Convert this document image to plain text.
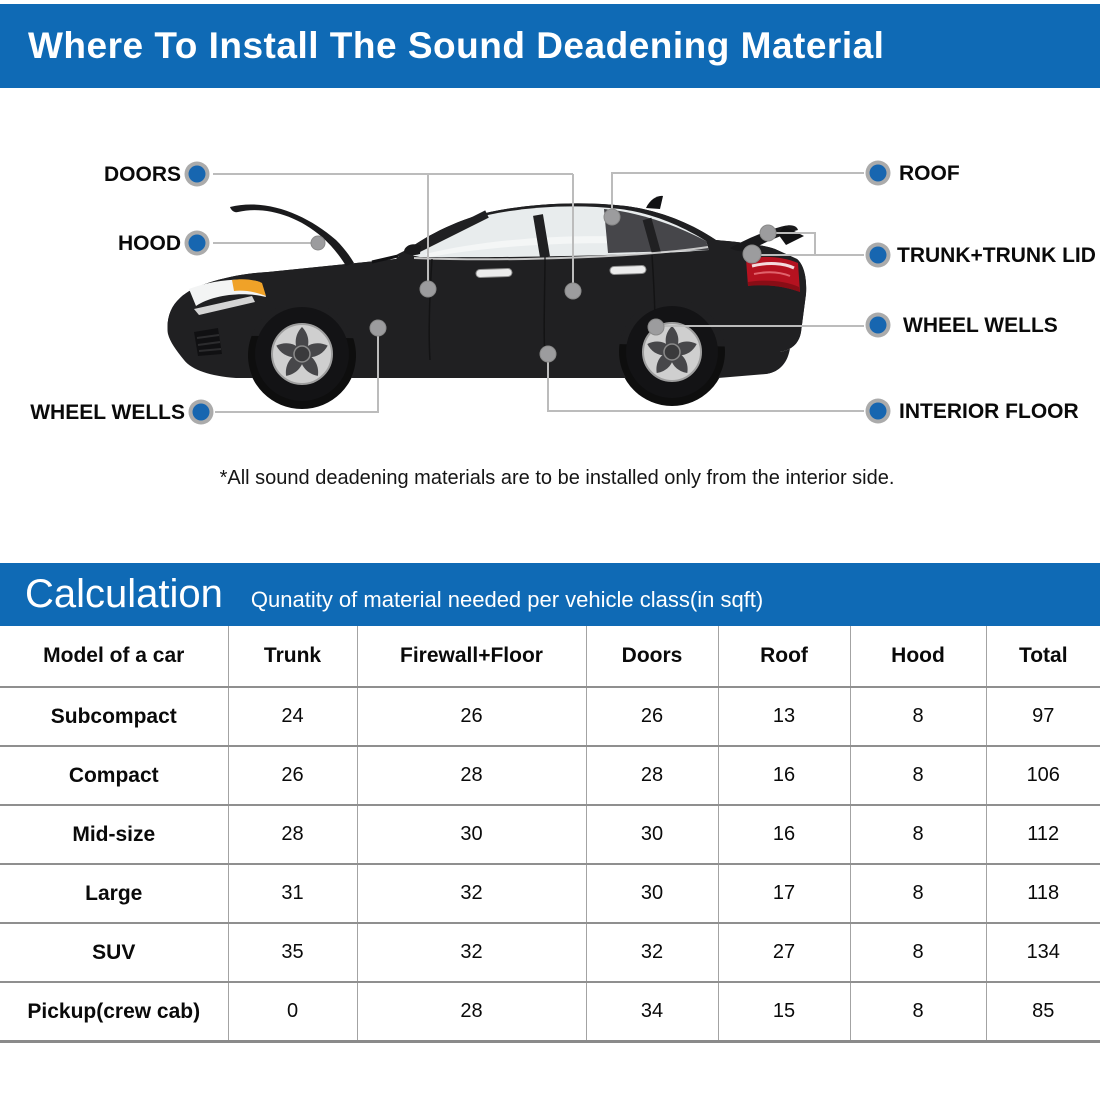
Where To Install The Sound Deadening Material
DOORS
HOOD
WHEEL WELLS
ROOF
TRUNK+TRUNK LID
WHEEL WELLS
INTERIOR FLOOR
*All sound deadening materials are to be installed only from the interior side.
Calculation	Qunatity of material needed per vehicle class(in sqft)
Model of a car	Trunk	Firewall+Floor	Doors	Roof	Hood	Total
Subcompact	24	26	26	13	8	97
Compact	26	28	28	16	8	106
Mid-size	28	30	30	16	8	112
Large	31	32	30	17	8	118
SUV	35	32	32	27	8	134
Pickup(crew cab)	0	28	34	15	8	85
